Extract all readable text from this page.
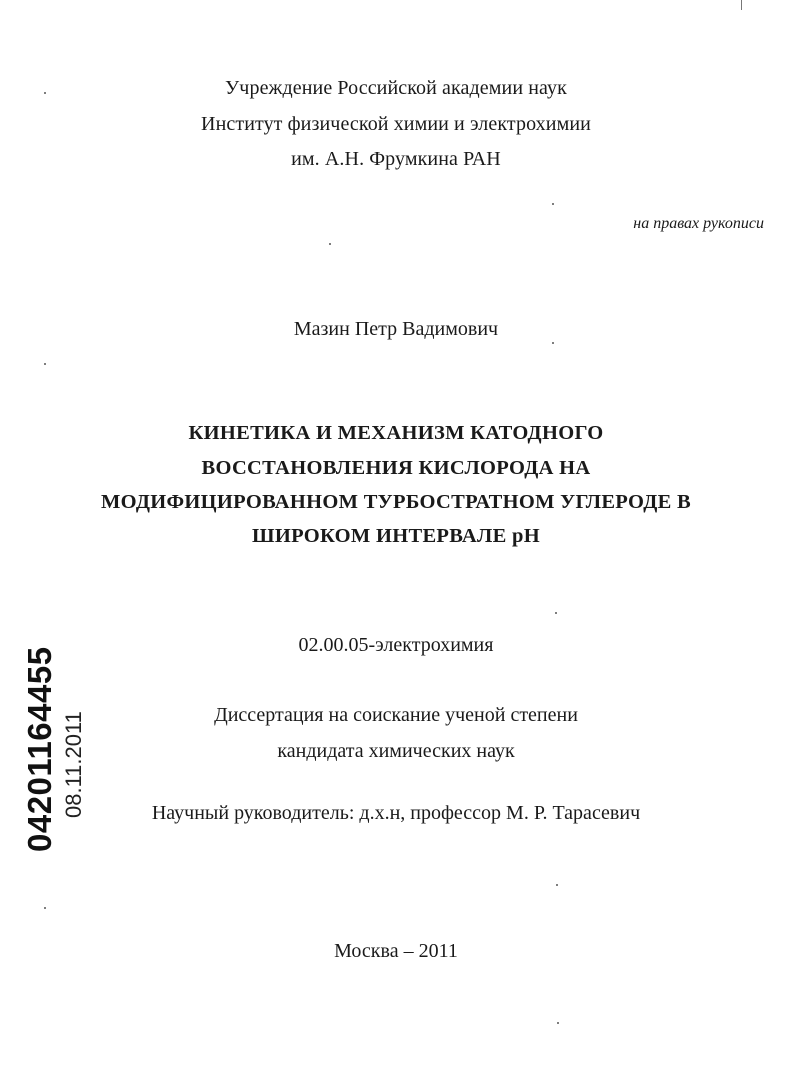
Учреждение Российской академии наук
Институт физической химии и электрохимии
им. А.Н. Фрумкина РАН
на правах рукописи
Мазин Петр Вадимович
КИНЕТИКА И МЕХАНИЗМ КАТОДНОГО
ВОССТАНОВЛЕНИЯ КИСЛОРОДА НА
МОДИФИЦИРОВАННОМ ТУРБОСТРАТНОМ УГЛЕРОДЕ В
ШИРОКОМ ИНТЕРВАЛЕ рН
02.00.05-электрохимия
Диссертация на соискание ученой степени
кандидата химических наук
Научный руководитель: д.х.н, профессор М. Р. Тарасевич
Москва – 2011
04201164455 08.11.2011
